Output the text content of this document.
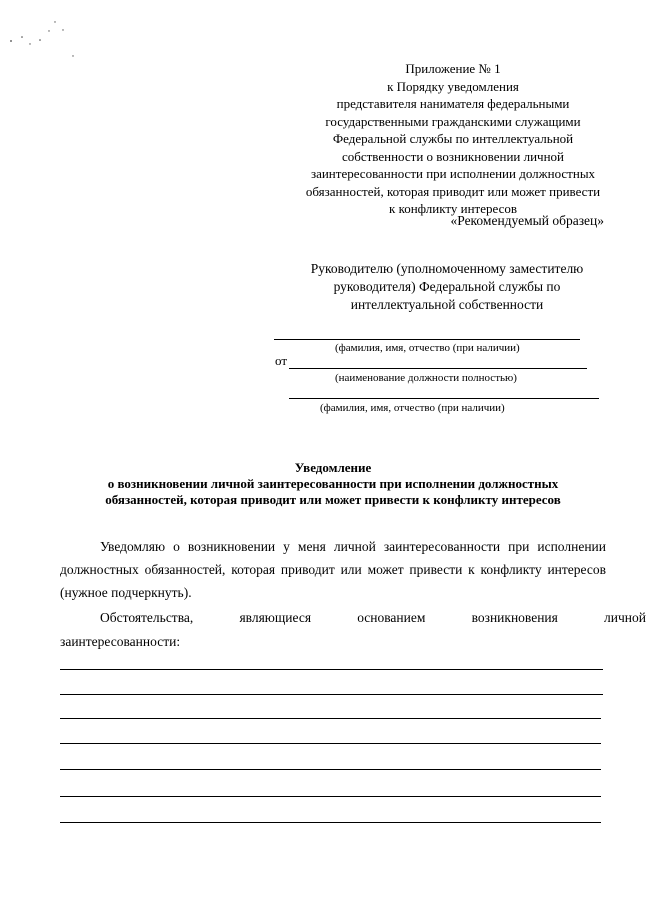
Приложение № 1
к Порядку уведомления
представителя нанимателя федеральными
государственными гражданскими служащими
Федеральной службы по интеллектуальной
собственности о возникновении личной
заинтересованности при исполнении должностных
обязанностей, которая приводит или может привести
к конфликту интересов
«Рекомендуемый образец»
Руководителю (уполномоченному заместителю
руководителя) Федеральной службы по
интеллектуальной собственности
(фамилия, имя, отчество (при наличии)
от
(наименование должности полностью)
(фамилия, имя, отчество (при наличии)
Уведомление
о возникновении личной заинтересованности при исполнении должностных
обязанностей, которая приводит или может привести к конфликту интересов
Уведомляю о возникновении у меня личной заинтересованности при исполнении должностных обязанностей, которая приводит или может привести к конфликту интересов (нужное подчеркнуть).
Обстоятельства,	являющиеся	основанием	возникновения	личной
заинтересованности:
